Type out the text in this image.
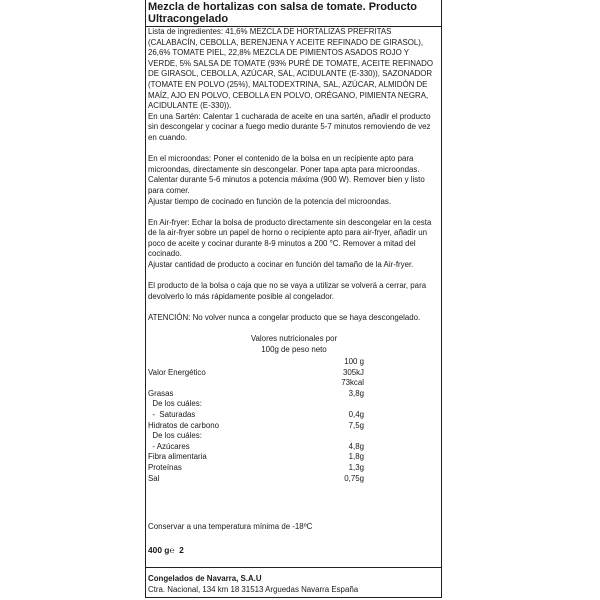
Mezcla de hortalizas con salsa de tomate. Producto
Ultracongelado
Lista de ingredientes: 41,6% MEZCLA DE HORTALIZAS PREFRITAS (CALABACÍN, CEBOLLA, BERENJENA Y ACEITE REFINADO DE GIRASOL), 26,6% TOMATE PIEL, 22,8% MEZCLA DE PIMIENTOS ASADOS ROJO Y VERDE, 5% SALSA DE TOMATE (93% PURÉ DE TOMATE, ACEITE REFINADO DE GIRASOL, CEBOLLA, AZÚCAR, SAL, ACIDULANTE (E-330)), SAZONADOR (TOMATE EN POLVO (25%), MALTODEXTRINA, SAL, AZÚCAR, ALMIDÓN DE MAÍZ, AJO EN POLVO, CEBOLLA EN POLVO, ORÉGANO, PIMIENTA NEGRA, ACIDULANTE (E-330)).
En una Sartén: Calentar 1 cucharada de aceite en una sartén, añadir el producto sin descongelar y cocinar a fuego medio durante 5-7 minutos removiendo de vez en cuando.
En el microondas: Poner el contenido de la bolsa en un recipiente apto para microondas, directamente sin descongelar. Poner tapa apta para microondas.
Calentar durante 5-6 minutos a potencia máxima (900 W). Remover bien y listo para comer.
Ajustar tiempo de cocinado en función de la potencia del microondas.
En Air-fryer: Echar la bolsa de producto directamente sin descongelar en la cesta de la air-fryer sobre un papel de horno o recipiente apto para air-fryer, añadir un poco de aceite y cocinar durante 8-9 minutos a 200 °C. Remover a mitad del cocinado.
Ajustar cantidad de producto a cocinar en función del tamaño de la Air-fryer.
El producto de la bolsa o caja que no se vaya a utilizar se volverá a cerrar, para devolverlo lo más rápidamente posible al congelador.
ATENCIÓN: No volver nunca a congelar producto que se haya descongelado.
Valores nutricionales por
100g de peso neto
100 g
Valor Energético	305kJ
73kcal
Grasas	3,8g
De los cuáles:
-  Saturadas	0,4g
Hidratos de carbono	7,5g
De los cuáles:
- Azúcares	4,8g
Fibra alimentaria	1,8g
Proteínas	1,3g
Sal	0,75g
Conservar a una temperatura mínima de -18ºC
400 g℮ 2
Congelados de Navarra, S.A.U
Ctra. Nacional, 134 km 18 31513 Arguedas Navarra España
